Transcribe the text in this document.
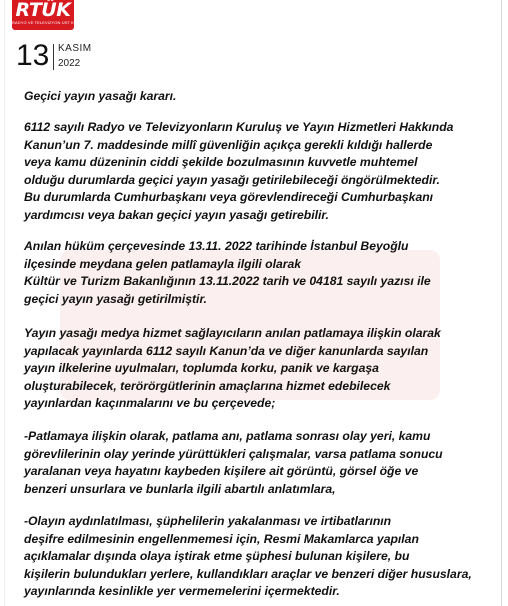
RTÜK
RADYO VE TELEVİZYON ÜST KURULU
13 KASIM
2022

Geçici yayın yasağı kararı.

6112 sayılı Radyo ve Televizyonların Kuruluş ve Yayın Hizmetleri Hakkında
Kanun’un 7. maddesinde millî güvenliğin açıkça gerekli kıldığı hallerde
veya kamu düzeninin ciddi şekilde bozulmasının kuvvetle muhtemel
olduğu durumlarda geçici yayın yasağı getirilebileceği öngörülmektedir.
Bu durumlarda Cumhurbaşkanı veya görevlendireceği Cumhurbaşkanı
yardımcısı veya bakan geçici yayın yasağı getirebilir.

Anılan hüküm çerçevesinde 13.11. 2022 tarihinde İstanbul Beyoğlu
ilçesinde meydana gelen patlamayla ilgili olarak
Kültür ve Turizm Bakanlığının 13.11.2022 tarih ve 04181 sayılı yazısı ile
geçici yayın yasağı getirilmiştir.

Yayın yasağı medya hizmet sağlayıcıların anılan patlamaya ilişkin olarak
yapılacak yayınlarda 6112 sayılı Kanun’da ve diğer kanunlarda sayılan
yayın ilkelerine uyulmaları, toplumda korku, panik ve kargaşa
oluşturabilecek, terörörgütlerinin amaçlarına hizmet edebilecek
yayınlardan kaçınmalarını ve bu çerçevede;

-Patlamaya ilişkin olarak, patlama anı, patlama sonrası olay yeri, kamu
görevlilerinin olay yerinde yürüttükleri çalışmalar, varsa patlama sonucu
yaralanan veya hayatını kaybeden kişilere ait görüntü, görsel öğe ve
benzeri unsurlara ve bunlarla ilgili abartılı anlatımlara,

-Olayın aydınlatılması, şüphelilerin yakalanması ve irtibatlarının
deşifre edilmesinin engellenmemesi için, Resmi Makamlarca yapılan
açıklamalar dışında olaya iştirak etme şüphesi bulunan kişilere, bu
kişilerin bulundukları yerlere, kullandıkları araçlar ve benzeri diğer hususlara,
yayınlarında kesinlikle yer vermemelerini içermektedir.
